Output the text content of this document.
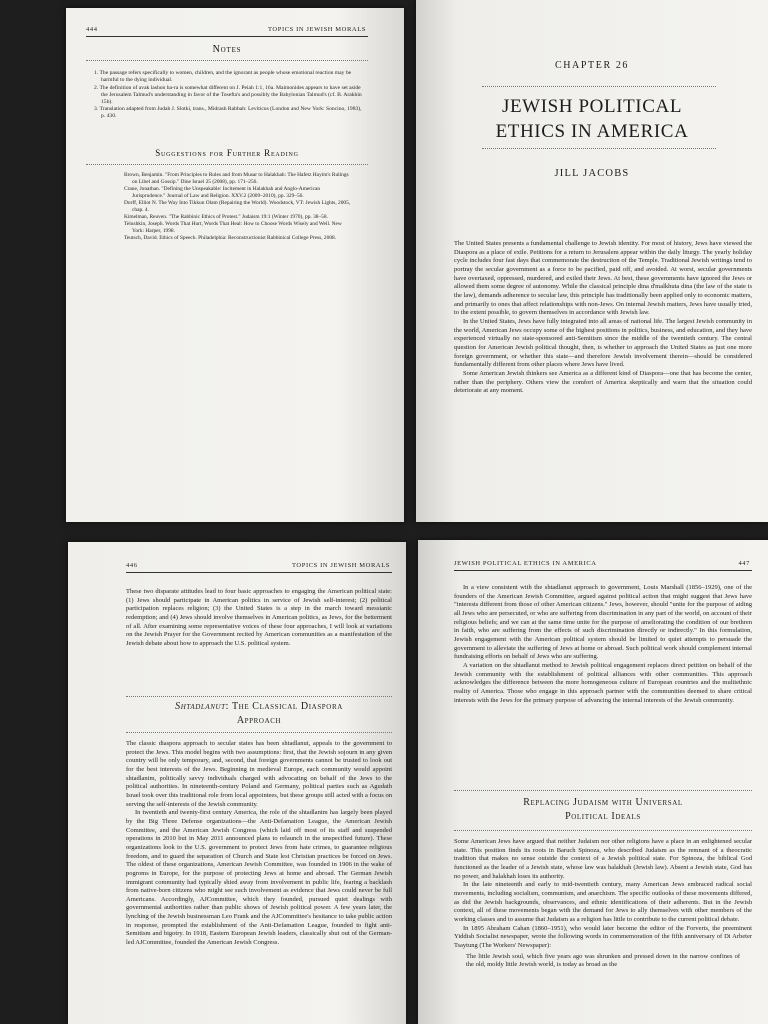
444	TOPICS IN JEWISH MORALS
Notes
1. The passage refers specifically to women, children, and the ignorant as people whose emotional reaction may be harmful to the dying individual.
2. The definition of avak lashon ha-ra is somewhat different on J. Peiah 1:1, 16a. Maimonides appears to have set aside the Jerusalem Talmud's understanding in favor of the Tosefta's and possibly the Babylonian Talmud's (cf. B. Arakhin 15b).
3. Translation adapted from Judah J. Slotki, trans., Midrash Rabbah: Leviticus (London and New York: Soncino, 1983), p. 430.
Suggestions for Further Reading
Brown, Benjamin. "From Principles to Rules and from Musar to Halakhah: The Hafetz Hayim's Rulings on Libel and Gossip." Dine Israel 25 (2008), pp. 171–256.
Crane, Jonathan. "Defining the Unspeakable: Incitement in Halakhah and Anglo-American Jurisprudence." Journal of Law and Religion. XXV.2 (2009–2010), pp. 329–56.
Dorff, Elliot N. The Way Into Tikkun Olam (Repairing the World). Woodstock, VT: Jewish Lights, 2005, chap. 4.
Kimelman, Reuven. "The Rabbinic Ethics of Protest." Judaism 19:1 (Winter 1970), pp. 38–58.
Telushkin, Joseph. Words That Hurt, Words That Heal: How to Choose Words Wisely and Well. New York: Harper, 1998.
Teutsch, David. Ethics of Speech. Philadelphia: Reconstructionist Rabbinical College Press, 2008.
CHAPTER 26
JEWISH POLITICAL
ETHICS IN AMERICA
JILL JACOBS

The United States presents a fundamental challenge to Jewish identity. For most of history, Jews have viewed the Diaspora as a place of exile. Petitions for a return to Jerusalem appear within the daily liturgy. The yearly holiday cycle includes four fast days that commemorate the destruction of the Temple. Traditional Jewish writings tend to portray the secular government as a force to be pacified, paid off, and avoided. At worst, secular governments have overtaxed, oppressed, murdered, and exiled their Jews. At best, these governments have ignored the Jews or allowed them some degree of autonomy. While the classical principle dina d'malkhuta dina (the law of the state is the law), demands adherence to secular law, this principle has traditionally been applied only to economic matters, and primarily to ones that affect relationships with non-Jews. On internal Jewish matters, Jews have usually tried, to the extent possible, to govern themselves in accordance with Jewish law.

In the United States, Jews have fully integrated into all areas of national life. The largest Jewish community in the world, American Jews occupy some of the highest positions in politics, business, and education, and they have experienced virtually no state-sponsored anti-Semitism since the middle of the twentieth century. The central question for American Jewish political thought, then, is whether to approach the United States as just one more foreign government, or whether this state—and therefore Jewish involvement therein—should be considered fundamentally different from other places where Jews have lived.

Some American Jewish thinkers see America as a different kind of Diaspora—one that has become the center, rather than the periphery. Others view the comfort of America skeptically and warn that the situation could deteriorate at any moment.

446	TOPICS IN JEWISH MORALS

These two disparate attitudes lead to four basic approaches to engaging the American political state: (1) Jews should participate in American politics in service of Jewish self-interest; (2) political participation replaces religion; (3) the United States is a step in the march toward messianic redemption; and (4) Jews should involve themselves in American politics, as Jews, for the betterment of all. After examining some representative voices of these four approaches, I will look at variations on the Jewish Prayer for the Government recited by American communities as a manifestation of the Jewish debate about how to approach the U.S. political system.

Shtadlanut: The Classical Diaspora
Approach

The classic diaspora approach to secular states has been shtadlanut, appeals to the government to protect the Jews. This model begins with two assumptions: first, that the Jewish sojourn in any given country will be only temporary, and, second, that foreign governments cannot be trusted to look out for the best interests of the Jews. Beginning in medieval Europe, each community would appoint shtadlanim, politically savvy individuals charged with advocating on behalf of the Jews to the political authorities. In nineteenth-century Poland and Germany, political parties such as Agudath Israel took over this traditional role from local appointees, but these groups still acted with a focus on serving the self-interests of the Jewish community.

In twentieth and twenty-first century America, the role of the shtadlanim has largely been played by the Big Three Defense organizations—the Anti-Defamation League, the American Jewish Committee, and the American Jewish Congress (which laid off most of its staff and suspended operations in 2010 but in May 2011 announced plans to relaunch in the unspecified future). These organizations look to the U.S. government to protect Jews from hate crimes, to guarantee religious freedom, and to guard the separation of Church and State lest Christian practices be forced on Jews. The oldest of these organizations, American Jewish Committee, was founded in 1906 in the wake of pogroms in Europe, for the purpose of protecting Jews at home and abroad. The German Jewish immigrant community had typically shied away from involvement in public life, fearing a backlash from native-born citizens who might see such involvement as evidence that Jews could never be full Americans. Accordingly, AJCommittee, which they founded, pursued quiet dealings with governmental authorities rather than public shows of Jewish political power. A few years later, the lynching of the Jewish businessman Leo Frank and the AJCommittee's hesitance to take public action in response, prompted the establishment of the Anti-Defamation League, founded to fight anti-Semitism and bigotry. In 1918, Eastern European Jewish leaders, classically shut out of the German-led AJCommittee, founded the American Jewish Congress.

JEWISH POLITICAL ETHICS IN AMERICA	447

In a view consistent with the shtadlanut approach to government, Louis Marshall (1856–1929), one of the founders of the American Jewish Committee, argued against political action that might suggest that Jews have "interests different from those of other American citizens." Jews, however, should "unite for the purpose of aiding all Jews who are persecuted, or who are suffering from discrimination in any part of the world, on account of their religious beliefs; and we can at the same time unite for the purpose of ameliorating the condition of our brethren in faith, who are suffering from the effects of such discrimination directly or indirectly." In this formulation, Jewish engagement with the American political system should be limited to quiet attempts to persuade the government to alleviate the suffering of Jews at home or abroad. Such political work should complement internal fundraising efforts on behalf of Jews who are suffering.

A variation on the shtadlanut method to Jewish political engagement replaces direct petition on behalf of the Jewish community with the establishment of political alliances with other communities. This approach acknowledges the difference between the more homogeneous culture of European countries and the multiethnic reality of America. Those who engage in this approach partner with the communities deemed to share critical interests with the Jews for the primary purpose of advancing the internal interests of the Jewish community.

Replacing Judaism with Universal
Political Ideals

Some American Jews have argued that neither Judaism nor other religions have a place in an enlightened secular state. This position finds its roots in Baruch Spinoza, who described Judaism as the remnant of a theocratic tradition that makes no sense outside the context of a Jewish political state. For Spinoza, the biblical God functioned as the leader of a Jewish state, whose law was halakhah (Jewish law). Absent a Jewish state, God has no power, and halakhah loses its authority.

In the late nineteenth and early to mid-twentieth century, many American Jews embraced radical social movements, including socialism, communism, and anarchism. The specific outlooks of these movements differed, as did the Jewish backgrounds, observances, and ethnic identifications of their adherents. But in the Jewish context, all of these movements began with the demand for Jews to ally themselves with other members of the working classes and to assume that Judaism as a religion has little to contribute to the current political debate.

In 1895 Abraham Cahan (1860–1951), who would later become the editor of the Forverts, the preeminent Yiddish Socialist newspaper, wrote the following words in commemoration of the fifth anniversary of Di Arbeter Tsaytung (The Workers' Newspaper):

The little Jewish soul, which five years ago was shrunken and pressed down in the narrow confines of the old, moldy little Jewish world, is today as broad as the
